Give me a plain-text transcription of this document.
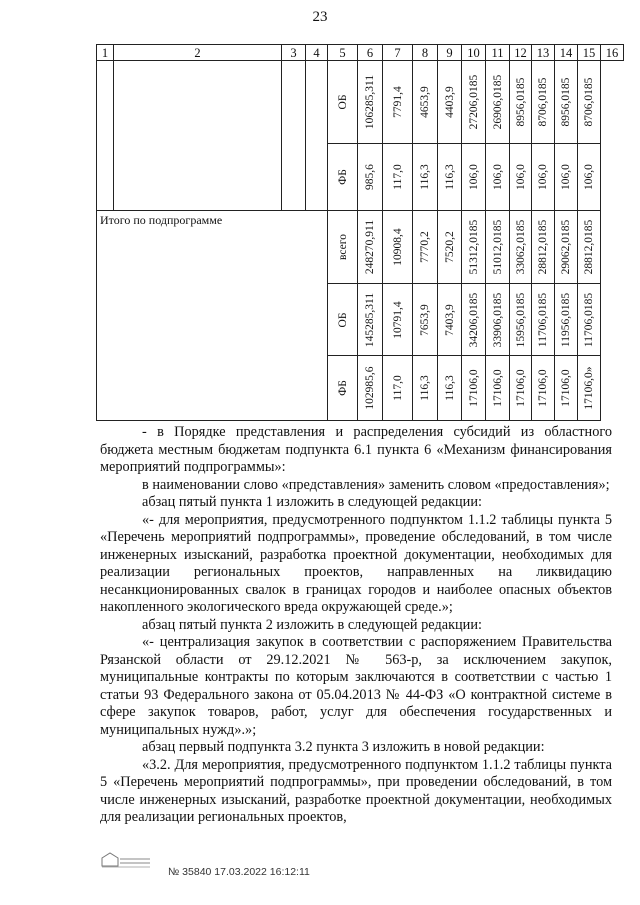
23
1	2	3	4	5	6	7	8	9	10	11	12	13	14	15	16

				ОБ	106285,311	7791,4	4653,9	4403,9	27206,0185	26906,0185	8956,0185	8706,0185	8956,0185	8706,0185	

				ФБ	985,6	117,0	116,3	116,3	106,0	106,0	106,0	106,0	106,0	106,0	

Итого по подпрограмме				всего	248270,911	10908,4	7770,2	7520,2	51312,0185	51012,0185	33062,0185	28812,0185	29062,0185	28812,0185	

				ОБ	145285,311	10791,4	7653,9	7403,9	34206,0185	33906,0185	15956,0185	11706,0185	11956,0185	11706,0185	

				ФБ	102985,6	117,0	116,3	116,3	17106,0	17106,0	17106,0	17106,0	17106,0	17106,0»	

- в Порядке представления и распределения субсидий из областного бюджета местным бюджетам подпункта 6.1 пункта 6 «Механизм финансирования мероприятий подпрограммы»:

в наименовании слово «представления» заменить словом «предоставления»;

абзац пятый пункта 1 изложить в следующей редакции:

«- для мероприятия, предусмотренного подпунктом 1.1.2 таблицы пункта 5 «Перечень мероприятий подпрограммы», проведение обследований, в том числе инженерных изысканий, разработка проектной документации, необходимых для реализации региональных проектов, направленных на ликвидацию несанкционированных свалок в границах городов и наиболее опасных объектов накопленного экологического вреда окружающей среде.»;

абзац пятый пункта 2 изложить в следующей редакции:

«- централизация закупок в соответствии с распоряжением Правительства Рязанской области от 29.12.2021 № 563-р, за исключением закупок, муниципальные контракты по которым заключаются в соответствии с частью 1 статьи 93 Федерального закона от 05.04.2013 № 44-ФЗ «О контрактной системе в сфере закупок товаров, работ, услуг для обеспечения государственных и муниципальных нужд».»;

абзац первый подпункта 3.2 пункта 3 изложить в новой редакции:

«3.2. Для мероприятия, предусмотренного подпунктом 1.1.2 таблицы пункта 5 «Перечень мероприятий подпрограммы», при проведении обследований, в том числе инженерных изысканий, разработке проектной документации, необходимых для реализации региональных проектов,

№ 35840 17.03.2022 16:12:11
